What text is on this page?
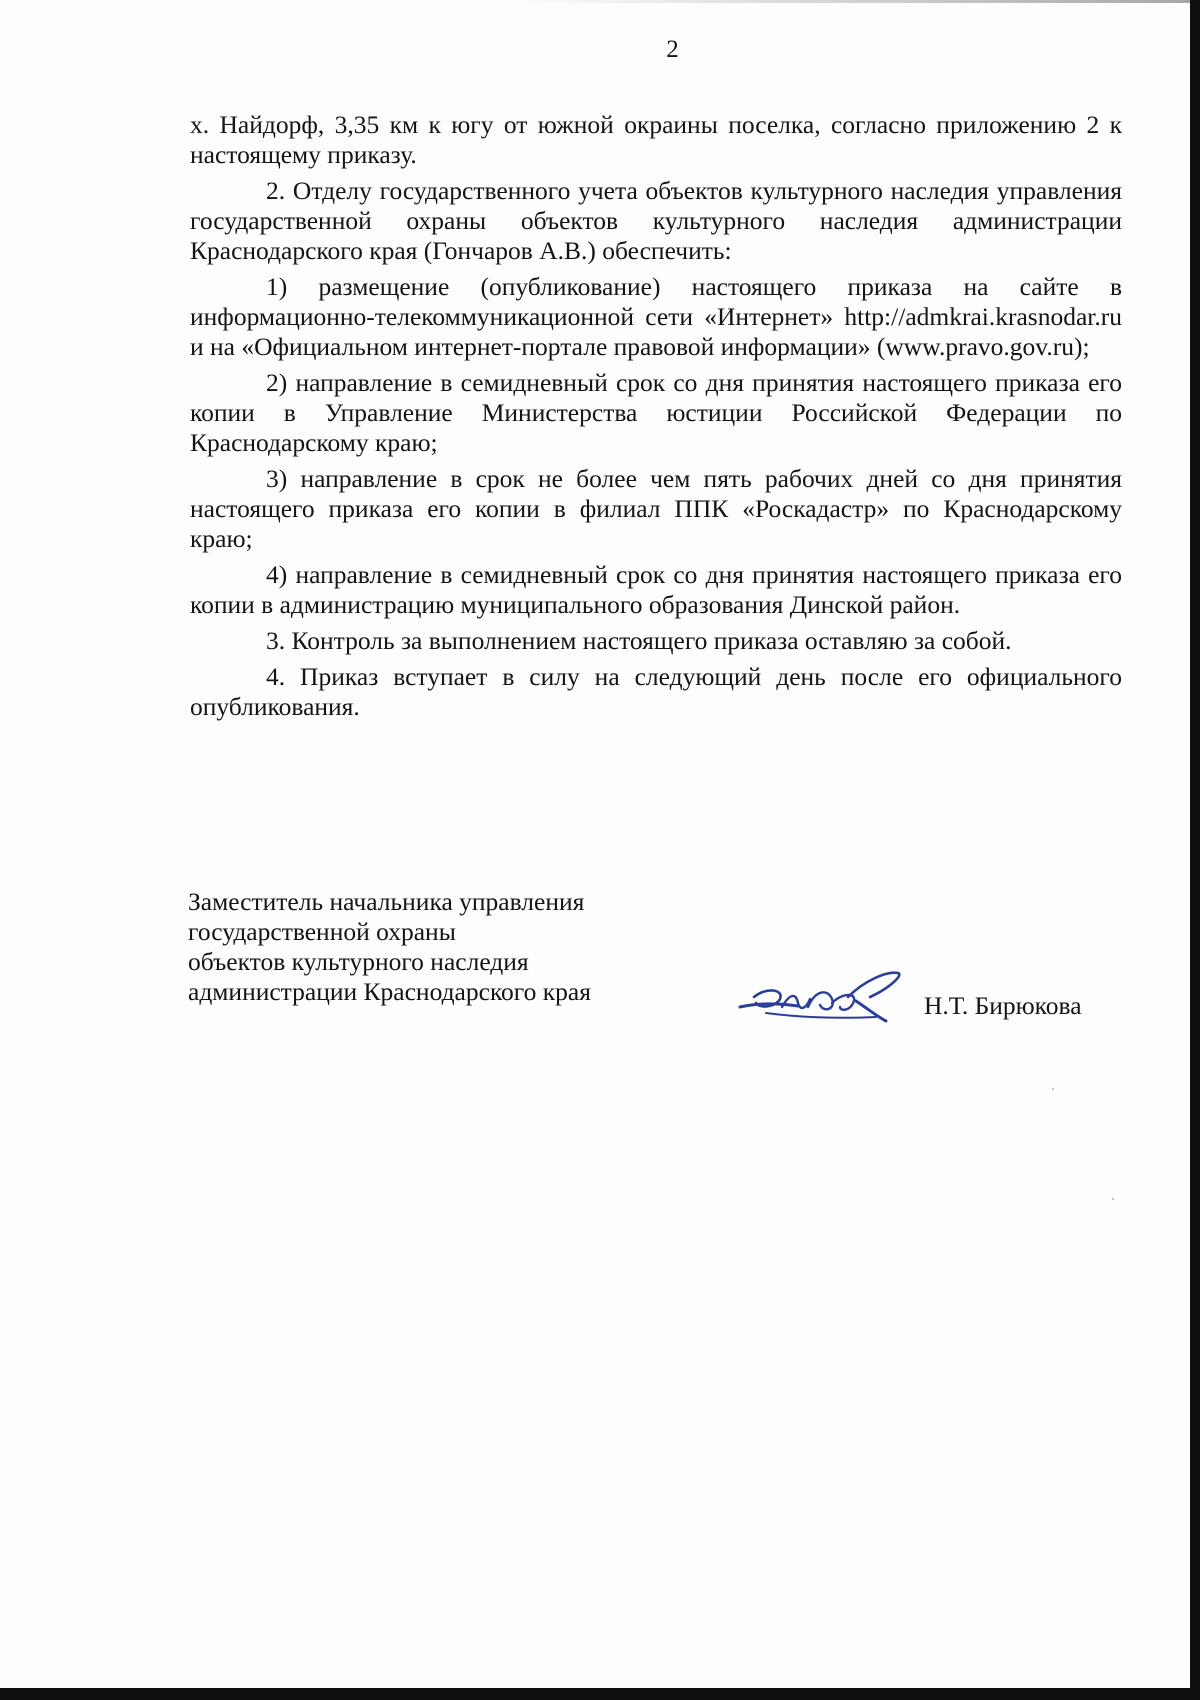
2

х. Найдорф, 3,35 км к югу от южной окраины поселка, согласно приложению 2 к настоящему приказу.

2. Отделу государственного учета объектов культурного наследия управления государственной охраны объектов культурного наследия администрации Краснодарского края (Гончаров А.В.) обеспечить:

1) размещение (опубликование) настоящего приказа на сайте в информационно-телекоммуникационной сети «Интернет» http://admkrai.krasnodar.ru и на «Официальном интернет-портале правовой информации» (www.pravo.gov.ru);

2) направление в семидневный срок со дня принятия настоящего приказа его копии в Управление Министерства юстиции Российской Федерации по Краснодарскому краю;

3) направление в срок не более чем пять рабочих дней со дня принятия настоящего приказа его копии в филиал ППК «Роскадастр» по Краснодарскому краю;

4) направление в семидневный срок со дня принятия настоящего приказа его копии в администрацию муниципального образования Динской район.

3. Контроль за выполнением настоящего приказа оставляю за собой.

4. Приказ вступает в силу на следующий день после его официального опубликования.

Заместитель начальника управления

государственной охраны

объектов культурного наследия

администрации Краснодарского края	Н.Т. Бирюкова
